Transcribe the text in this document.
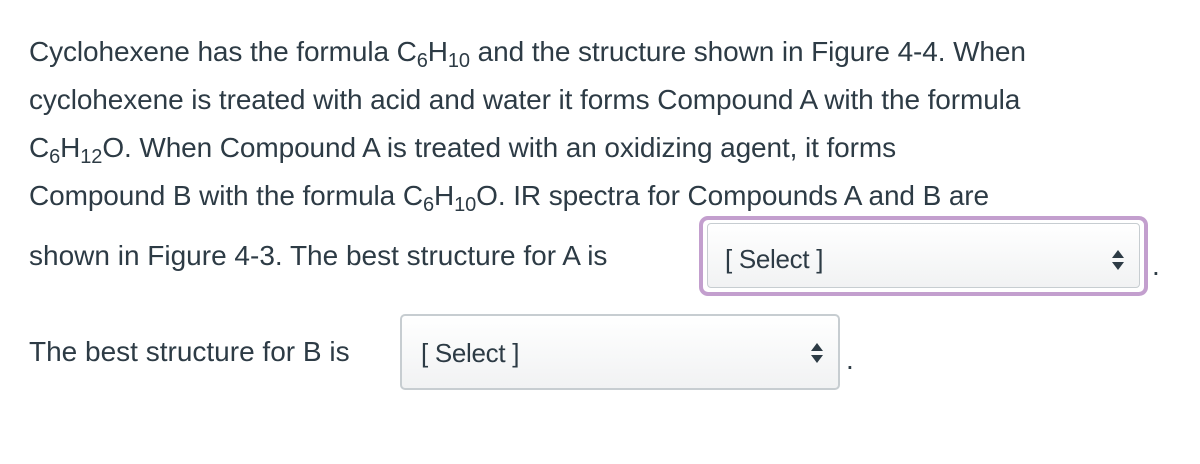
Cyclohexene has the formula $C_6H_{10}$ and the structure shown in Figure 4-4. When
cyclohexene is treated with acid and water it forms Compound A with the formula
$C_6H_{12}O$. When Compound A is treated with an oxidizing agent, it forms
Compound B with the formula $C_6H_{10}O$. IR spectra for Compounds A and B are
shown in Figure 4-3. The best structure for A is	[ Select ]	.
The best structure for B is	[ Select ]	.
